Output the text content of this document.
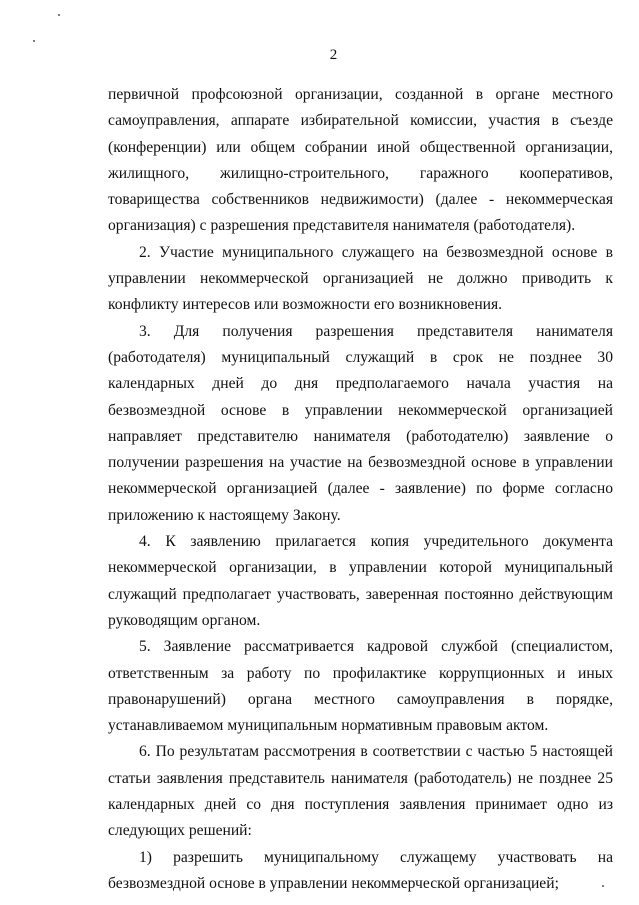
2

первичной профсоюзной организации, созданной в органе местного самоуправления, аппарате избирательной комиссии, участия в съезде (конференции) или общем собрании иной общественной организации, жилищного, жилищно-строительного, гаражного кооперативов, товарищества собственников недвижимости) (далее - некоммерческая организация) с разрешения представителя нанимателя (работодателя).

2. Участие муниципального служащего на безвозмездной основе в управлении некоммерческой организацией не должно приводить к конфликту интересов или возможности его возникновения.

3. Для получения разрешения представителя нанимателя (работодателя) муниципальный служащий в срок не позднее 30 календарных дней до дня предполагаемого начала участия на безвозмездной основе в управлении некоммерческой организацией направляет представителю нанимателя (работодателю) заявление о получении разрешения на участие на безвозмездной основе в управлении некоммерческой организацией (далее - заявление) по форме согласно приложению к настоящему Закону.

4. К заявлению прилагается копия учредительного документа некоммерческой организации, в управлении которой муниципальный служащий предполагает участвовать, заверенная постоянно действующим руководящим органом.

5. Заявление рассматривается кадровой службой (специалистом, ответственным за работу по профилактике коррупционных и иных правонарушений) органа местного самоуправления в порядке, устанавливаемом муниципальным нормативным правовым актом.

6. По результатам рассмотрения в соответствии с частью 5 настоящей статьи заявления представитель нанимателя (работодатель) не позднее 25 календарных дней со дня поступления заявления принимает одно из следующих решений:

1) разрешить муниципальному служащему участвовать на безвозмездной основе в управлении некоммерческой организацией;
